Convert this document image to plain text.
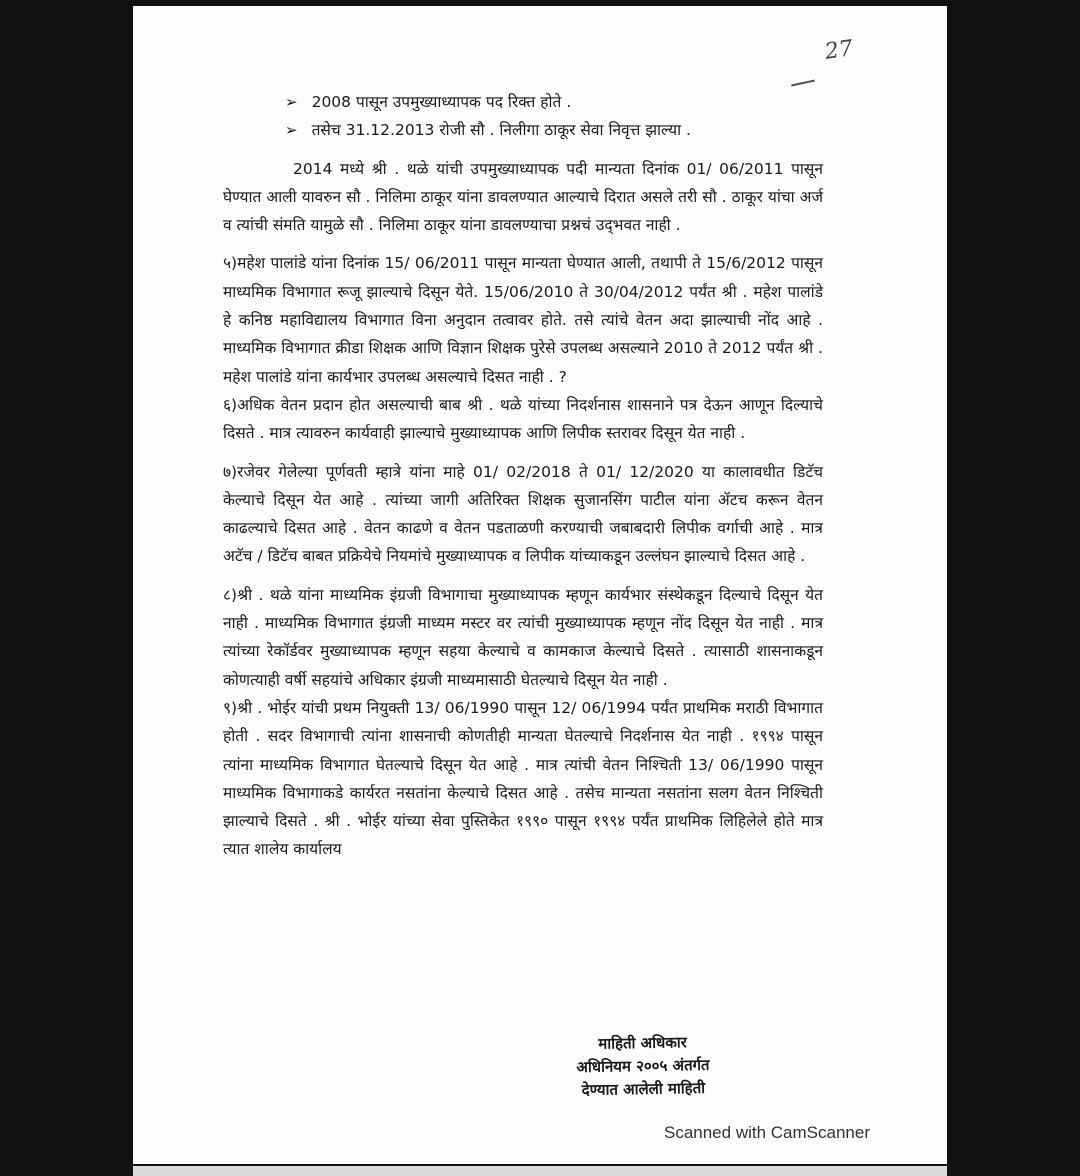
27
➢ 2008 पासून उपमुख्याध्यापक पद रिक्त होते .
➢ तसेच 31.12.2013 रोजी सौ . निलीगा ठाकूर सेवा निवृत्त झाल्या .

2014 मध्ये श्री . थळे यांची उपमुख्याध्यापक पदी मान्यता दिनांक 01/ 06/2011 पासून घेण्यात आली यावरुन सौ . निलिमा ठाकूर यांना डावलण्यात आल्याचे दिरात असले तरी सौ . ठाकूर यांचा अर्ज व त्यांची संमति यामुळे सौ . निलिमा ठाकूर यांना डावलण्याचा प्रश्नचं उद्‌भवत नाही .

५)महेश पालांडे यांना दिनांक 15/ 06/2011 पासून मान्यता घेण्यात आली, तथापी ते 15/6/2012 पासून माध्यमिक विभागात रूजू झाल्याचे दिसून येते. 15/06/2010 ते 30/04/2012 पर्यंत श्री . महेश पालांडे हे कनिष्ठ महाविद्यालय विभागात विना अनुदान तत्वावर होते. तसे त्यांचे वेतन अदा झाल्याची नोंद आहे . माध्यमिक विभागात क्रीडा शिक्षक आणि विज्ञान शिक्षक पुरेसे उपलब्ध असल्याने 2010 ते 2012 पर्यंत श्री . महेश पालांडे यांना कार्यभार उपलब्ध असल्याचे दिसत नाही . ?

६)अधिक वेतन प्रदान होत असल्याची बाब श्री . थळे यांच्या निदर्शनास शासनाने पत्र देऊन आणून दिल्याचे दिसते . मात्र त्यावरुन कार्यवाही झाल्याचे मुख्याध्यापक आणि लिपीक स्तरावर दिसून येत नाही .

७)रजेवर गेलेल्या पूर्णवती म्हात्रे यांना माहे 01/ 02/2018 ते 01/ 12/2020 या कालावधीत डिटॅच केल्याचे दिसून येत आहे . त्यांच्या जागी अतिरिक्त शिक्षक सुजानसिंग पाटील यांना ॲटच करून वेतन काढल्याचे दिसत आहे . वेतन काढणे व वेतन पडताळणी करण्याची जबाबदारी लिपीक वर्गाची आहे . मात्र अटॅच / डिटॅच बाबत प्रक्रियेचे नियमांचे मुख्याध्यापक व लिपीक यांच्याकडून उल्लंघन झाल्याचे दिसत आहे .

८)श्री . थळे यांना माध्यमिक इंग्रजी विभागाचा मुख्याध्यापक म्हणून कार्यभार संस्थेकडून दिल्याचे दिसून येत नाही . माध्यमिक विभागात इंग्रजी माध्यम मस्टर वर त्यांची मुख्याध्यापक म्हणून नोंद दिसून येत नाही . मात्र त्यांच्या रेकॉर्डवर मुख्याध्यापक म्हणून सहया केल्याचे व कामकाज केल्याचे दिसते . त्यासाठी शासनाकडून कोणत्याही वर्षी सहयांचे अधिकार इंग्रजी माध्यमासाठी घेतल्याचे दिसून येत नाही .

९)श्री . भोईर यांची प्रथम नियुक्ती 13/ 06/1990 पासून 12/ 06/1994 पर्यंत प्राथमिक मराठी विभागात होती . सदर विभागाची त्यांना शासनाची कोणतीही मान्यता घेतल्याचे निदर्शनास येत नाही . १९९४ पासून त्यांना माध्यमिक विभागात घेतल्याचे दिसून येत आहे . मात्र त्यांची वेतन निश्चिती 13/ 06/1990 पासून माध्यमिक विभागाकडे कार्यरत नसतांना केल्याचे दिसत आहे . तसेच मान्यता नसतांना सलग वेतन निश्चिती झाल्याचे दिसते . श्री . भोईर यांच्या सेवा पुस्तिकेत १९९० पासून १९९४ पर्यंत प्राथमिक लिहिलेले होते मात्र त्यात शालेय कार्यालय

माहिती अधिकार
अधिनियम २००५ अंतर्गत
देण्यात आलेली माहिती
Scanned with CamScanner
